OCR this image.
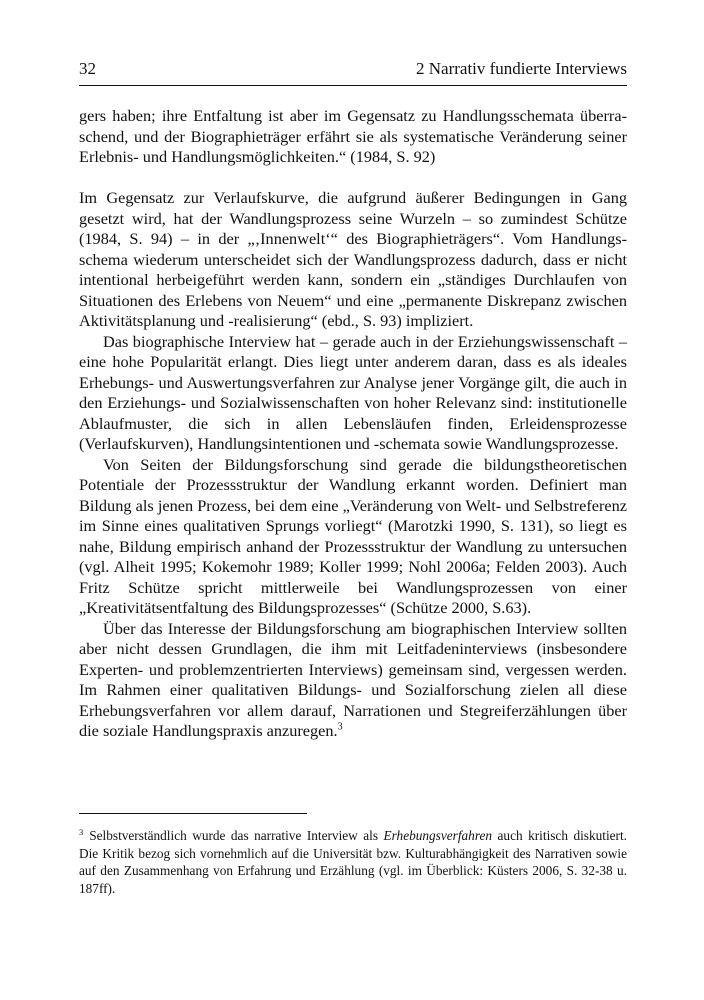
32	2 Narrativ fundierte Interviews

gers haben; ihre Entfaltung ist aber im Gegensatz zu Handlungsschemata überraschend, und der Biographieträger erfährt sie als systematische Veränderung seiner Erlebnis- und Handlungsmöglichkeiten.“ (1984, S. 92)

Im Gegensatz zur Verlaufskurve, die aufgrund äußerer Bedingungen in Gang gesetzt wird, hat der Wandlungsprozess seine Wurzeln – so zumindest Schütze (1984, S. 94) – in der „‚Innenwelt‘“ des Biographieträgers“. Vom Handlungsschema wiederum unterscheidet sich der Wandlungsprozess dadurch, dass er nicht intentional herbeigeführt werden kann, sondern ein „ständiges Durchlaufen von Situationen des Erlebens von Neuem“ und eine „permanente Diskrepanz zwischen Aktivitätsplanung und -realisierung“ (ebd., S. 93) impliziert.

Das biographische Interview hat – gerade auch in der Erziehungswissenschaft – eine hohe Popularität erlangt. Dies liegt unter anderem daran, dass es als ideales Erhebungs- und Auswertungsverfahren zur Analyse jener Vorgänge gilt, die auch in den Erziehungs- und Sozialwissenschaften von hoher Relevanz sind: institutionelle Ablaufmuster, die sich in allen Lebensläufen finden, Erleidensprozesse (Verlaufskurven), Handlungsintentionen und -schemata sowie Wandlungsprozesse.

Von Seiten der Bildungsforschung sind gerade die bildungstheoretischen Potentiale der Prozessstruktur der Wandlung erkannt worden. Definiert man Bildung als jenen Prozess, bei dem eine „Veränderung von Welt- und Selbstreferenz im Sinne eines qualitativen Sprungs vorliegt“ (Marotzki 1990, S. 131), so liegt es nahe, Bildung empirisch anhand der Prozessstruktur der Wandlung zu untersuchen (vgl. Alheit 1995; Kokemohr 1989; Koller 1999; Nohl 2006a; Felden 2003). Auch Fritz Schütze spricht mittlerweile bei Wandlungsprozessen von einer „Kreativitätsentfaltung des Bildungsprozesses“ (Schütze 2000, S.63).

Über das Interesse der Bildungsforschung am biographischen Interview sollten aber nicht dessen Grundlagen, die ihm mit Leitfadeninterviews (insbesondere Experten- und problemzentrierten Interviews) gemeinsam sind, vergessen werden. Im Rahmen einer qualitativen Bildungs- und Sozialforschung zielen all diese Erhebungsverfahren vor allem darauf, Narrationen und Stegreiferzählungen über die soziale Handlungspraxis anzuregen.$^3$

$^3$ Selbstverständlich wurde das narrative Interview als Erhebungsverfahren auch kritisch diskutiert. Die Kritik bezog sich vornehmlich auf die Universität bzw. Kulturabhängigkeit des Narrativen sowie auf den Zusammenhang von Erfahrung und Erzählung (vgl. im Überblick: Küsters 2006, S. 32-38 u. 187ff).
